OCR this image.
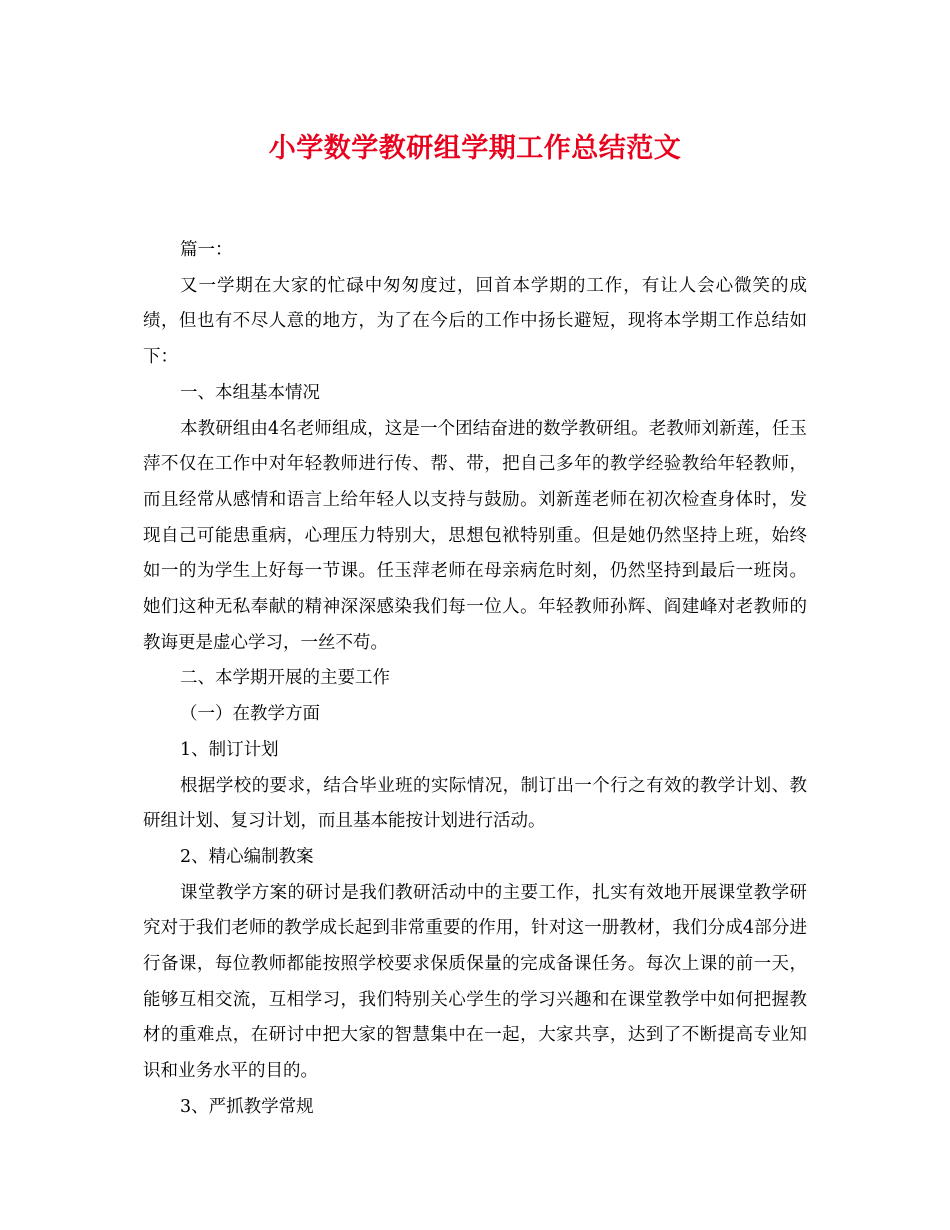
小学数学教研组学期工作总结范文

篇一：

又一学期在大家的忙碌中匆匆度过，回首本学期的工作，有让人会心微笑的成绩，但也有不尽人意的地方，为了在今后的工作中扬长避短，现将本学期工作总结如下：

一、本组基本情况

本教研组由4名老师组成，这是一个团结奋进的数学教研组。老教师刘新莲，任玉萍不仅在工作中对年轻教师进行传、帮、带，把自己多年的教学经验教给年轻教师，而且经常从感情和语言上给年轻人以支持与鼓励。刘新莲老师在初次检查身体时，发现自己可能患重病，心理压力特别大，思想包袱特别重。但是她仍然坚持上班，始终如一的为学生上好每一节课。任玉萍老师在母亲病危时刻，仍然坚持到最后一班岗。她们这种无私奉献的精神深深感染我们每一位人。年轻教师孙辉、阎建峰对老教师的教诲更是虚心学习，一丝不苟。

二、本学期开展的主要工作

（一）在教学方面

1、制订计划

根据学校的要求，结合毕业班的实际情况，制订出一个行之有效的教学计划、教研组计划、复习计划，而且基本能按计划进行活动。

2、精心编制教案

课堂教学方案的研讨是我们教研活动中的主要工作，扎实有效地开展课堂教学研究对于我们老师的教学成长起到非常重要的作用，针对这一册教材，我们分成4部分进行备课，每位教师都能按照学校要求保质保量的完成备课任务。每次上课的前一天，能够互相交流，互相学习，我们特别关心学生的学习兴趣和在课堂教学中如何把握教材的重难点，在研讨中把大家的智慧集中在一起，大家共享，达到了不断提高专业知识和业务水平的目的。

3、严抓教学常规
